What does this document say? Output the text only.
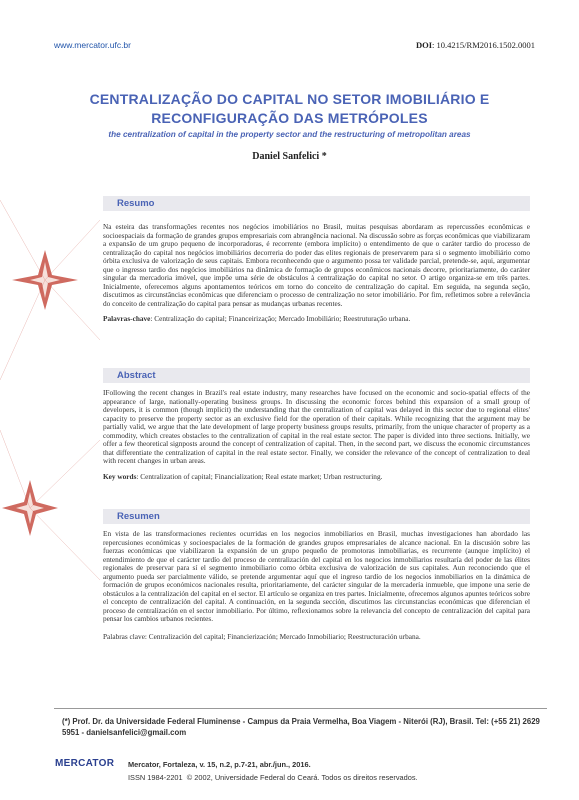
www.mercator.ufc.br	DOI: 10.4215/RM2016.1502.0001
CENTRALIZAÇÃO DO CAPITAL NO SETOR IMOBILIÁRIO E
RECONFIGURAÇÃO DAS METRÓPOLES
the centralization of capital in the property sector and the restructuring of metropolitan areas
Daniel Sanfelici *
Resumo
Na esteira das transformações recentes nos negócios imobiliários no Brasil, muitas pesquisas abordaram as repercussões econômicas e socioespaciais da formação de grandes grupos empresariais com abrangência nacional. Na discussão sobre as forças econômicas que viabilizaram a expansão de um grupo pequeno de incorporadoras, é recorrente (embora implícito) o entendimento de que o caráter tardio do processo de centralização do capital nos negócios imobiliários decorreria do poder das elites regionais de preservarem para si o segmento imobiliário como órbita exclusiva de valorização de seus capitais. Embora reconhecendo que o argumento possa ter validade parcial, pretende-se, aqui, argumentar que o ingresso tardio dos negócios imobiliários na dinâmica de formação de grupos econômicos nacionais decorre, prioritariamente, do caráter singular da mercadoria imóvel, que impõe uma série de obstáculos à centralização do capital no setor. O artigo organiza-se em três partes. Inicialmente, oferecemos alguns apontamentos teóricos em torno do conceito de centralização do capital. Em seguida, na segunda seção, discutimos as circunstâncias econômicas que diferenciam o processo de centralização no setor imobiliário. Por fim, refletimos sobre a relevância do conceito de centralização do capital para pensar as mudanças urbanas recentes.
Palavras-chave: Centralização do capital; Financeirização; Mercado Imobiliário; Reestruturação urbana.
Abstract
IFollowing the recent changes in Brazil's real estate industry, many researches have focused on the economic and socio-spatial effects of the appearance of large, nationally-operating business groups. In discussing the economic forces behind this expansion of a small group of developers, it is common (though implicit) the understanding that the centralization of capital was delayed in this sector due to regional elites' capacity to preserve the property sector as an exclusive field for the operation of their capitals. While recognizing that the argument may be partially valid, we argue that the late development of large property business groups results, primarily, from the unique character of property as a commodity, which creates obstacles to the centralization of capital in the real estate sector. The paper is divided into three sections. Initially, we offer a few theoretical signposts around the concept of centralization of capital. Then, in the second part, we discuss the economic circumstances that differentiate the centralization of capital in the real estate sector. Finally, we consider the relevance of the concept of centralization to deal with recent changes in urban areas.
Key words: Centralization of capital; Financialization; Real estate market; Urban restructuring.
Resumen
En vista de las transformaciones recientes ocurridas en los negocios inmobiliarios en Brasil, muchas investigaciones han abordado las repercusiones económicas y socioespaciales de la formación de grandes grupos empresariales de alcance nacional. En la discusión sobre las fuerzas económicas que viabilizaron la expansión de un grupo pequeño de promotoras inmobiliarias, es recurrente (aunque implícito) el entendimiento de que el carácter tardío del proceso de centralización del capital en los negocios inmobiliarios resultaría del poder de las élites regionales de preservar para sí el segmento inmobiliario como órbita exclusiva de valorización de sus capitales. Aun reconociendo que el argumento pueda ser parcialmente válido, se pretende argumentar aquí que el ingreso tardío de los negocios inmobiliarios en la dinámica de formación de grupos económicos nacionales resulta, prioritariamente, del carácter singular de la mercadería inmueble, que impone una serie de obstáculos a la centralización del capital en el sector. El artículo se organiza en tres partes. Inicialmente, ofrecemos algunos apuntes teóricos sobre el concepto de centralización del capital. A continuación, en la segunda sección, discutimos las circunstancias económicas que diferencian el proceso de centralización en el sector inmobiliario. Por último, reflexionamos sobre la relevancia del concepto de centralización del capital para pensar los cambios urbanos recientes.
Palabras clave: Centralización del capital; Financierización; Mercado Inmobiliario; Reestructuración urbana.
(*) Prof. Dr. da Universidade Federal Fluminense - Campus da Praia Vermelha, Boa Viagem - Niterói (RJ), Brasil. Tel: (+55 21) 2629 5951 - danielsanfelici@gmail.com
MERCATOR Mercator, Fortaleza, v. 15, n.2, p.7-21, abr./jun., 2016.
ISSN 1984-2201 © 2002, Universidade Federal do Ceará. Todos os direitos reservados.
